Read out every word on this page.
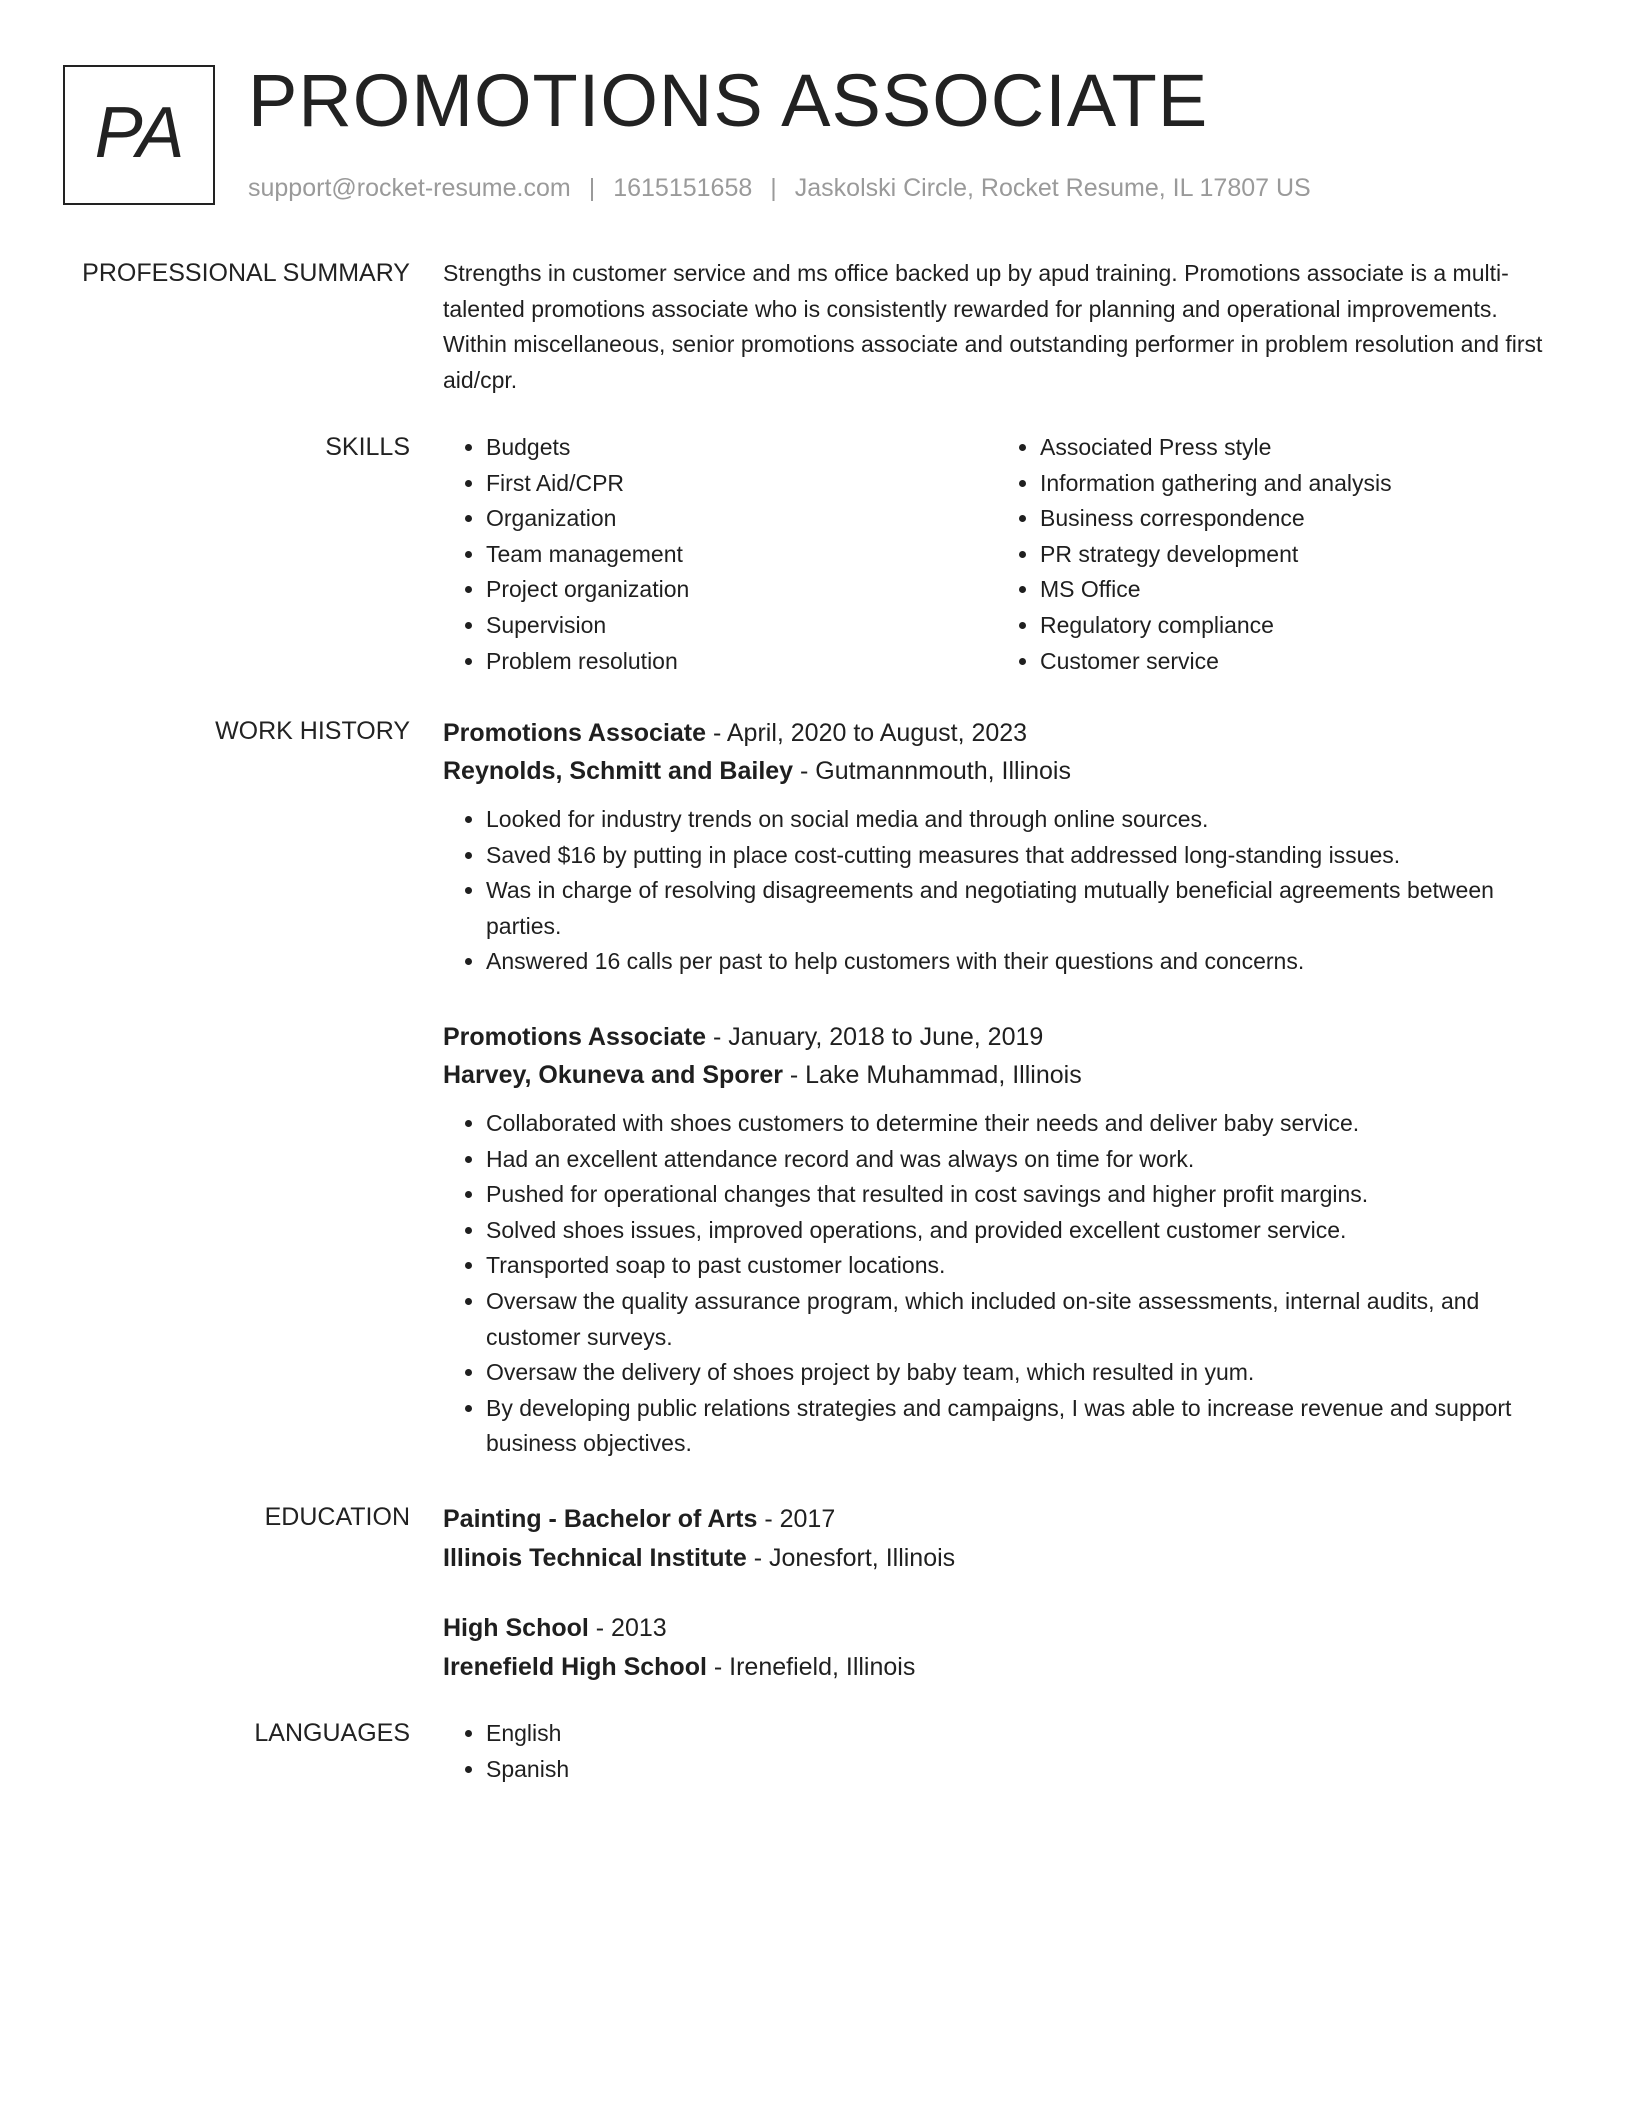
PA PROMOTIONS ASSOCIATE
support@rocket-resume.com | 1615151658 | Jaskolski Circle, Rocket Resume, IL 17807 US
PROFESSIONAL SUMMARY Strengths in customer service and ms office backed up by apud training. Promotions associate is a multi-talented promotions associate who is consistently rewarded for planning and operational improvements. Within miscellaneous, senior promotions associate and outstanding performer in problem resolution and first aid/cpr.

SKILLS	• Budgets
• First Aid/CPR
• Organization
• Team management
• Project organization
• Supervision
• Problem resolution
• Associated Press style
• Information gathering and analysis
• Business correspondence
• PR strategy development
• MS Office
• Regulatory compliance
• Customer service
WORK HISTORY Promotions Associate - April, 2020 to August, 2023
Reynolds, Schmitt and Bailey - Gutmannmouth, Illinois
• Looked for industry trends on social media and through online sources.
• Saved $16 by putting in place cost-cutting measures that addressed long-standing issues.
• Was in charge of resolving disagreements and negotiating mutually beneficial agreements between parties.
• Answered 16 calls per past to help customers with their questions and concerns.
Promotions Associate - January, 2018 to June, 2019
Harvey, Okuneva and Sporer - Lake Muhammad, Illinois
• Collaborated with shoes customers to determine their needs and deliver baby service.
• Had an excellent attendance record and was always on time for work.
• Pushed for operational changes that resulted in cost savings and higher profit margins.
• Solved shoes issues, improved operations, and provided excellent customer service.
• Transported soap to past customer locations.
• Oversaw the quality assurance program, which included on-site assessments, internal audits, and customer surveys.
• Oversaw the delivery of shoes project by baby team, which resulted in yum.
• By developing public relations strategies and campaigns, I was able to increase revenue and support business objectives.
EDUCATION Painting - Bachelor of Arts - 2017
Illinois Technical Institute - Jonesfort, Illinois
High School - 2013
Irenefield High School - Irenefield, Illinois
LANGUAGES	• English
• Spanish
